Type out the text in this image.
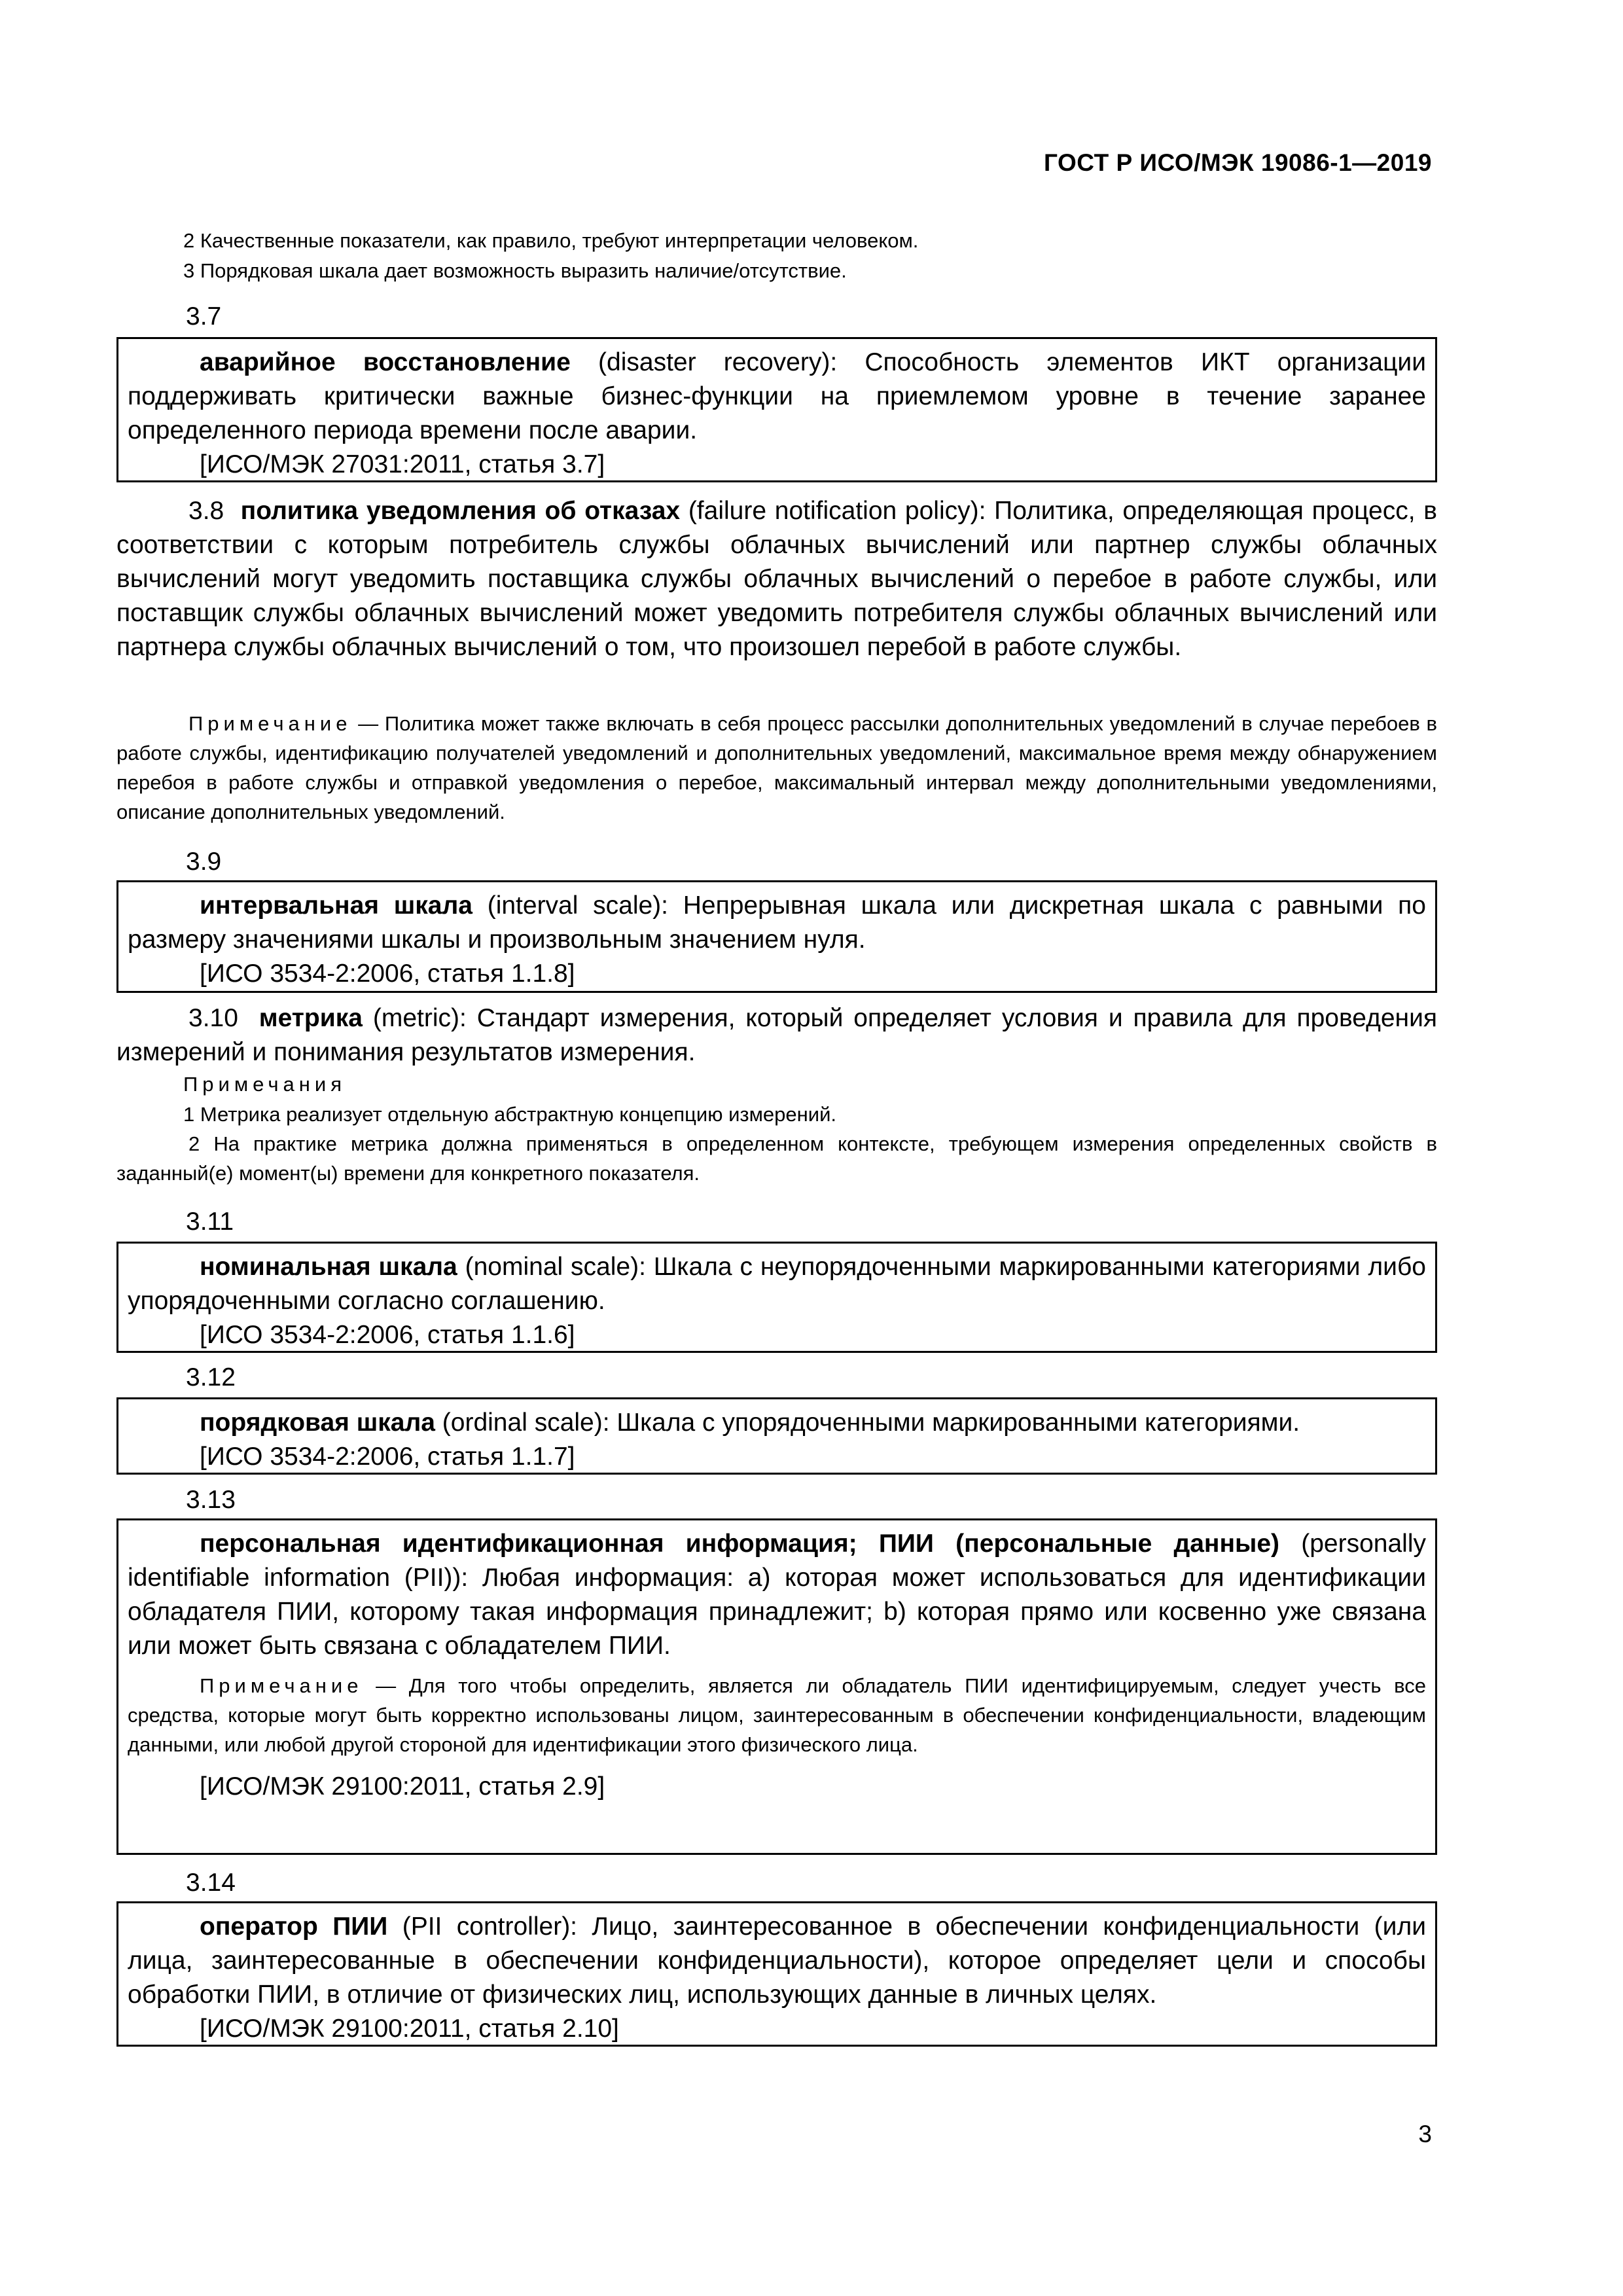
ГОСТ Р ИСО/МЭК 19086-1—2019
2 Качественные показатели, как правило, требуют интерпретации человеком.
3 Порядковая шкала дает возможность выразить наличие/отсутствие.
3.7

аварийное восстановление (disaster recovery): Способность элементов ИКТ организации поддерживать критически важные бизнес-функции на приемлемом уровне в течение заранее определенного периода времени после аварии.

[ИСО/МЭК 27031:2011, статья 3.7]

3.8 политика уведомления об отказах (failure notification policy): Политика, определяющая процесс, в соответствии с которым потребитель службы облачных вычислений или партнер службы облачных вычислений могут уведомить поставщика службы облачных вычислений о перебое в работе службы, или поставщик службы облачных вычислений может уведомить потребителя службы облачных вычислений или партнера службы облачных вычислений о том, что произошел перебой в работе службы.

Примечание — Политика может также включать в себя процесс рассылки дополнительных уведомлений в случае перебоев в работе службы, идентификацию получателей уведомлений и дополнительных уведомлений, максимальное время между обнаружением перебоя в работе службы и отправкой уведомления о перебое, максимальный интервал между дополнительными уведомлениями, описание дополнительных уведомлений.

3.9

интервальная шкала (interval scale): Непрерывная шкала или дискретная шкала с равными по размеру значениями шкалы и произвольным значением нуля.

[ИСО 3534-2:2006, статья 1.1.8]

3.10 метрика (metric): Стандарт измерения, который определяет условия и правила для проведения измерений и понимания результатов измерения.

Примечания
1 Метрика реализует отдельную абстрактную концепцию измерений.

2 На практике метрика должна применяться в определенном контексте, требующем измерения определенных свойств в заданный(е) момент(ы) времени для конкретного показателя.

3.11

номинальная шкала (nominal scale): Шкала с неупорядоченными маркированными категориями либо упорядоченными согласно соглашению.

[ИСО 3534-2:2006, статья 1.1.6]

3.12

порядковая шкала (ordinal scale): Шкала с упорядоченными маркированными категориями.

[ИСО 3534-2:2006, статья 1.1.7]

3.13

персональная идентификационная информация; ПИИ (персональные данные) (personally identifiable information (PII)): Любая информация: а) которая может использоваться для идентификации обладателя ПИИ, которому такая информация принадлежит; b) которая прямо или косвенно уже связана или может быть связана с обладателем ПИИ.

Примечание — Для того чтобы определить, является ли обладатель ПИИ идентифицируемым, следует учесть все средства, которые могут быть корректно использованы лицом, заинтересованным в обеспечении конфиденциальности, владеющим данными, или любой другой стороной для идентификации этого физического лица.

[ИСО/МЭК 29100:2011, статья 2.9]

3.14

оператор ПИИ (PII controller): Лицо, заинтересованное в обеспечении конфиденциальности (или лица, заинтересованные в обеспечении конфиденциальности), которое определяет цели и способы обработки ПИИ, в отличие от физических лиц, использующих данные в личных целях.

[ИСО/МЭК 29100:2011, статья 2.10]

3
